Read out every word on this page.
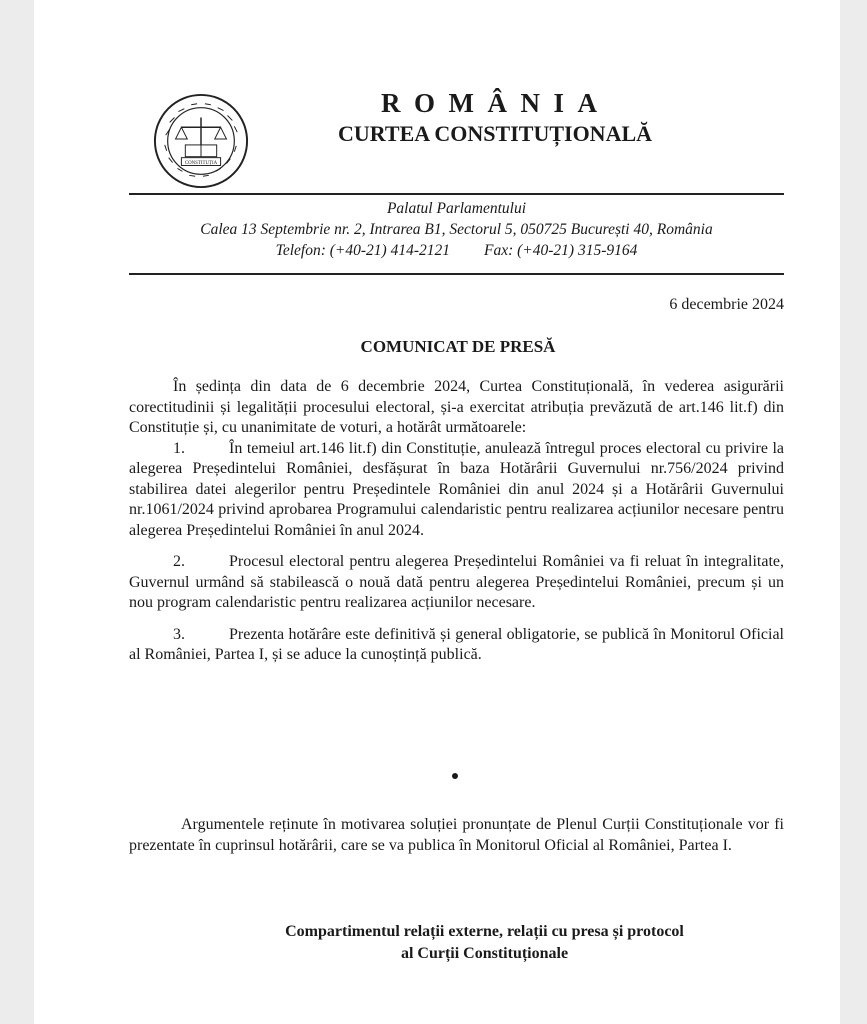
CONSTITUȚIA
ROMÂNIA
CURTEA CONSTITUȚIONALĂ
Palatul Parlamentului
Calea 13 Septembrie nr. 2, Intrarea B1, Sectorul 5, 050725 București 40, România
Telefon: (+40-21) 414-2121 Fax: (+40-21) 315-9164
6 decembrie 2024
COMUNICAT DE PRESĂ

În ședința din data de 6 decembrie 2024, Curtea Constituțională, în vederea asigurării corectitudinii și legalității procesului electoral, și-a exercitat atribuția prevăzută de art.146 lit.f) din Constituție și, cu unanimitate de voturi, a hotărât următoarele:

1.	În temeiul art.146 lit.f) din Constituție, anulează întregul proces electoral cu privire la alegerea Președintelui României, desfășurat în baza Hotărârii Guvernului nr.756/2024 privind stabilirea datei alegerilor pentru Președintele României din anul 2024 și a Hotărârii Guvernului nr.1061/2024 privind aprobarea Programului calendaristic pentru realizarea acțiunilor necesare pentru alegerea Președintelui României în anul 2024.

2.	Procesul electoral pentru alegerea Președintelui României va fi reluat în integralitate, Guvernul urmând să stabilească o nouă dată pentru alegerea Președintelui României, precum și un nou program calendaristic pentru realizarea acțiunilor necesare.

3.	Prezenta hotărâre este definitivă și general obligatorie, se publică în Monitorul Oficial al României, Partea I, și se aduce la cunoștință publică.

Argumentele reținute în motivarea soluției pronunțate de Plenul Curții Constituționale vor fi prezentate în cuprinsul hotărârii, care se va publica în Monitorul Oficial al României, Partea I.

Compartimentul relații externe, relații cu presa și protocol
al Curții Constituționale
